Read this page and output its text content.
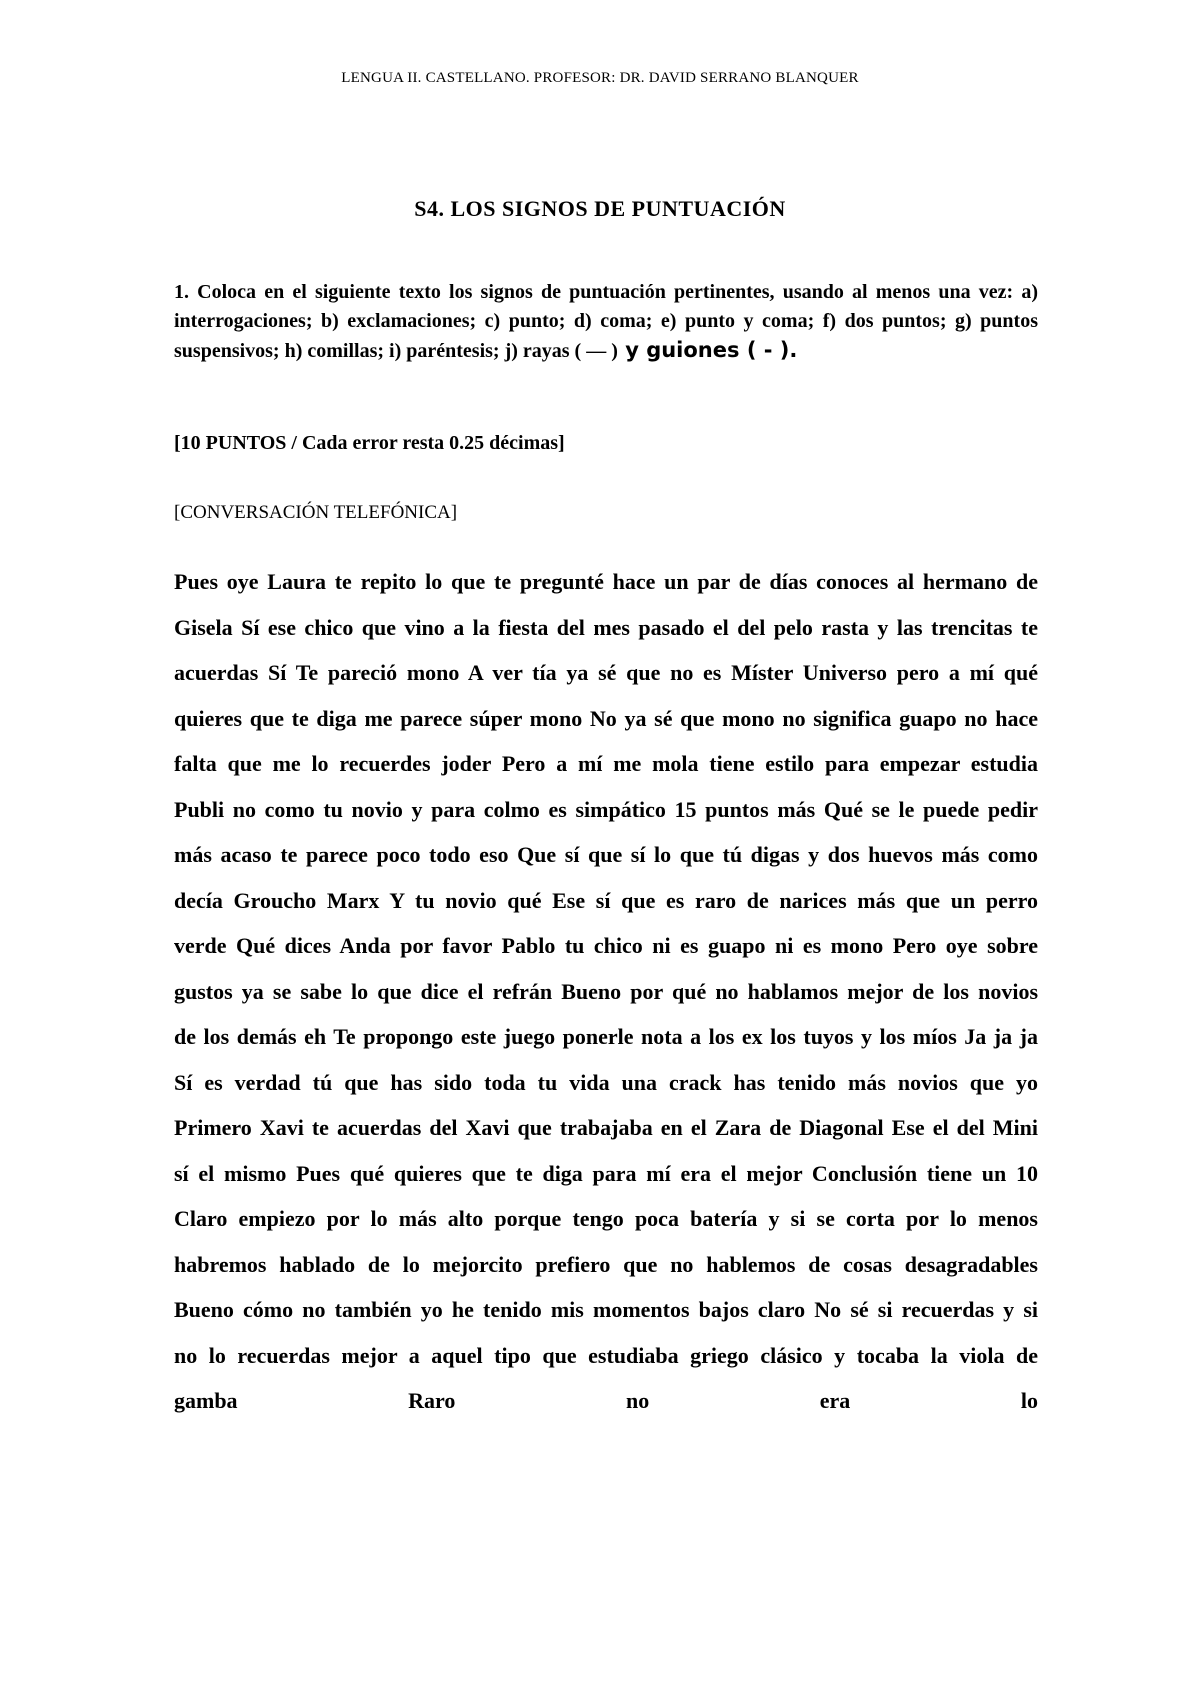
LENGUA II. CASTELLANO. PROFESOR: DR. DAVID SERRANO BLANQUER
S4. LOS SIGNOS DE PUNTUACIÓN
1. Coloca en el siguiente texto los signos de puntuación pertinentes, usando al menos una vez: a) interrogaciones; b) exclamaciones; c) punto; d) coma; e) punto y coma; f) dos puntos; g) puntos suspensivos; h) comillas; i) paréntesis; j) rayas ( — ) y guiones ( - ).
[10 PUNTOS / Cada error resta 0.25 décimas]
[CONVERSACIÓN TELEFÓNICA]
Pues oye Laura te repito lo que te pregunté hace un par de días conoces al hermano de Gisela Sí ese chico que vino a la fiesta del mes pasado el del pelo rasta y las trencitas te acuerdas Sí Te pareció mono A ver tía ya sé que no es Míster Universo pero a mí qué quieres que te diga me parece súper mono No ya sé que mono no significa guapo no hace falta que me lo recuerdes joder Pero a mí me mola tiene estilo para empezar estudia Publi no como tu novio y para colmo es simpático 15 puntos más Qué se le puede pedir más acaso te parece poco todo eso Que sí que sí lo que tú digas y dos huevos más como decía Groucho Marx Y tu novio qué Ese sí que es raro de narices más que un perro verde Qué dices Anda por favor Pablo tu chico ni es guapo ni es mono Pero oye sobre gustos ya se sabe lo que dice el refrán Bueno por qué no hablamos mejor de los novios de los demás eh Te propongo este juego ponerle nota a los ex los tuyos y los míos Ja ja ja Sí es verdad tú que has sido toda tu vida una crack has tenido más novios que yo Primero Xavi te acuerdas del Xavi que trabajaba en el Zara de Diagonal Ese el del Mini sí el mismo Pues qué quieres que te diga para mí era el mejor Conclusión tiene un 10 Claro empiezo por lo más alto porque tengo poca batería y si se corta por lo menos habremos hablado de lo mejorcito prefiero que no hablemos de cosas desagradables Bueno cómo no también yo he tenido mis momentos bajos claro No sé si recuerdas y si no lo recuerdas mejor a aquel tipo que estudiaba griego clásico y tocaba la viola de gamba Raro no era lo
